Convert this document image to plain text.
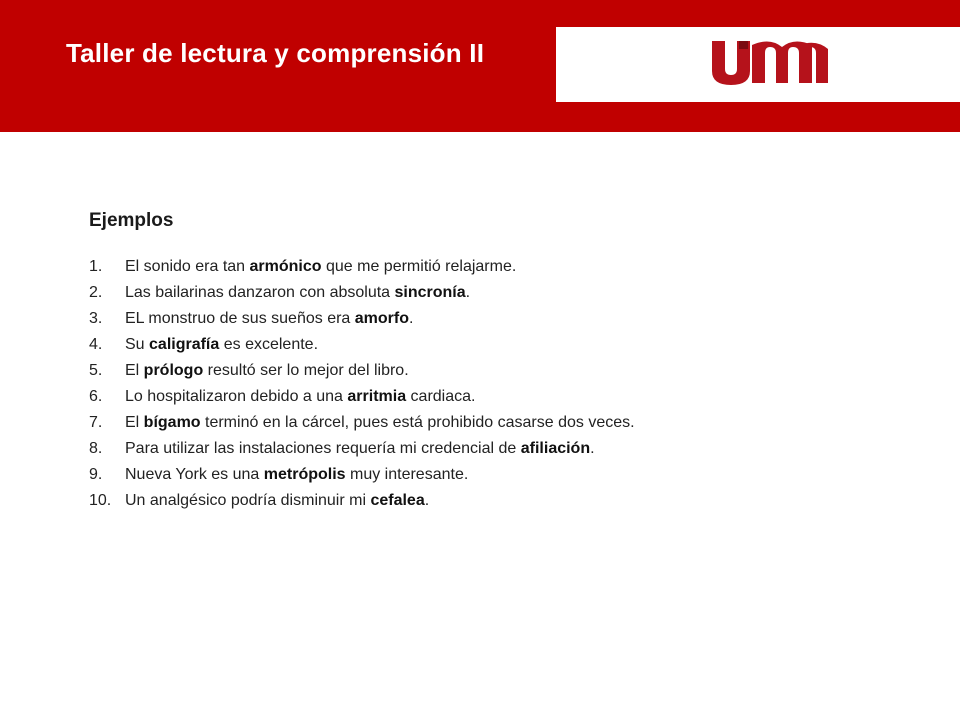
Taller de lectura y comprensión II
Ejemplos
1. El sonido era tan armónico que me permitió relajarme.
2. Las bailarinas danzaron con absoluta sincronía.
3. EL monstruo de sus sueños era amorfo.
4. Su caligrafía es excelente.
5. El prólogo resultó ser lo mejor del libro.
6. Lo hospitalizaron debido a una arritmia cardiaca.
7. El bígamo terminó en la cárcel, pues está prohibido casarse dos veces.
8. Para utilizar las instalaciones requería mi credencial de afiliación.
9. Nueva York es una metrópolis muy interesante.
10. Un analgésico podría disminuir mi cefalea.
